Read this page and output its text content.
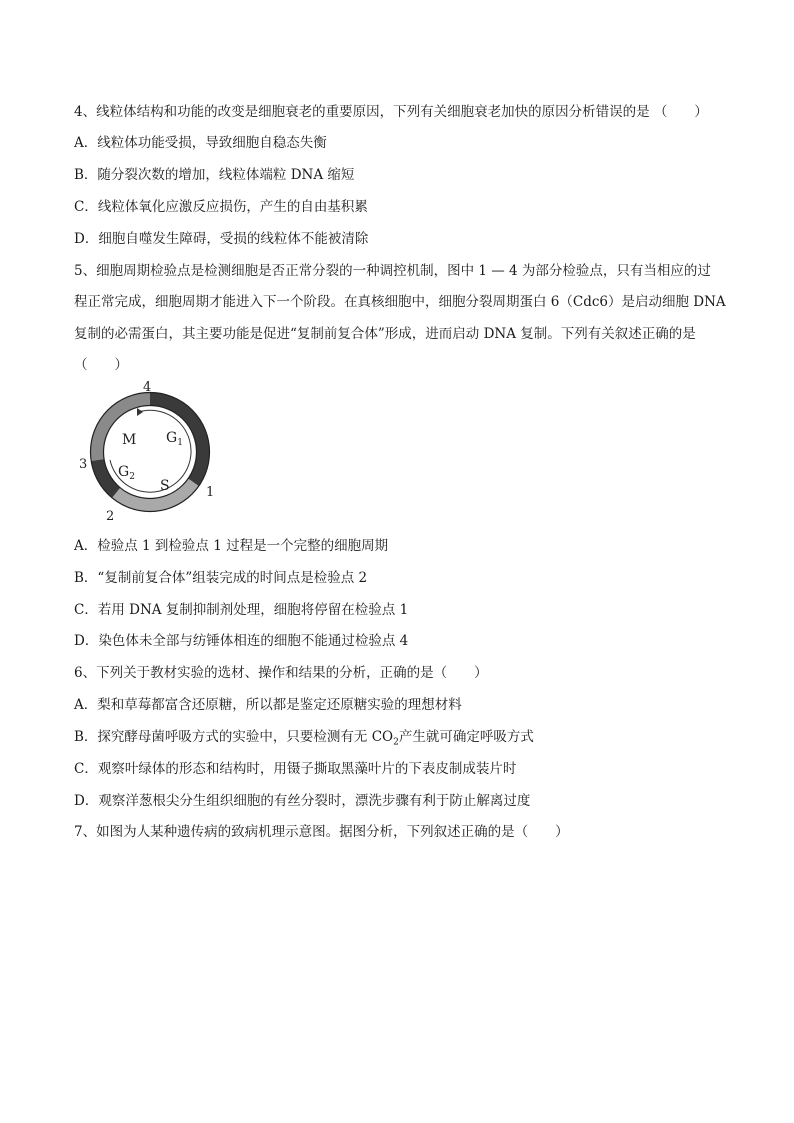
4、线粒体结构和功能的改变是细胞衰老的重要原因，下列有关细胞衰老加快的原因分析错误的是 （　　）
A．线粒体功能受损，导致细胞自稳态失衡
B．随分裂次数的增加，线粒体端粒 DNA 缩短
C．线粒体氧化应激反应损伤，产生的自由基积累
D．细胞自噬发生障碍，受损的线粒体不能被清除
5、细胞周期检验点是检测细胞是否正常分裂的一种调控机制，图中 1 — 4 为部分检验点，只有当相应的过
程正常完成，细胞周期才能进入下一个阶段。在真核细胞中，细胞分裂周期蛋白 6（Cdc6）是启动细胞 DNA
复制的必需蛋白，其主要功能是促进“复制前复合体”形成，进而启动 DNA 复制。下列有关叙述正确的是
（　　）
M $G_1$
$G_2$
S
4
1
2
3
A．检验点 1 到检验点 1 过程是一个完整的细胞周期
B．“复制前复合体”组装完成的时间点是检验点 2
C．若用 DNA 复制抑制剂处理，细胞将停留在检验点 1
D．染色体未全部与纺锤体相连的细胞不能通过检验点 4
6、下列关于教材实验的选材、操作和结果的分析，正确的是（　　）
A．梨和草莓都富含还原糖，所以都是鉴定还原糖实验的理想材料
B．探究酵母菌呼吸方式的实验中，只要检测有无 $CO_2$产生就可确定呼吸方式
C．观察叶绿体的形态和结构时，用镊子撕取黑藻叶片的下表皮制成装片时
D．观察洋葱根尖分生组织细胞的有丝分裂时，漂洗步骤有利于防止解离过度
7、如图为人某种遗传病的致病机理示意图。据图分析，下列叙述正确的是（　　）
